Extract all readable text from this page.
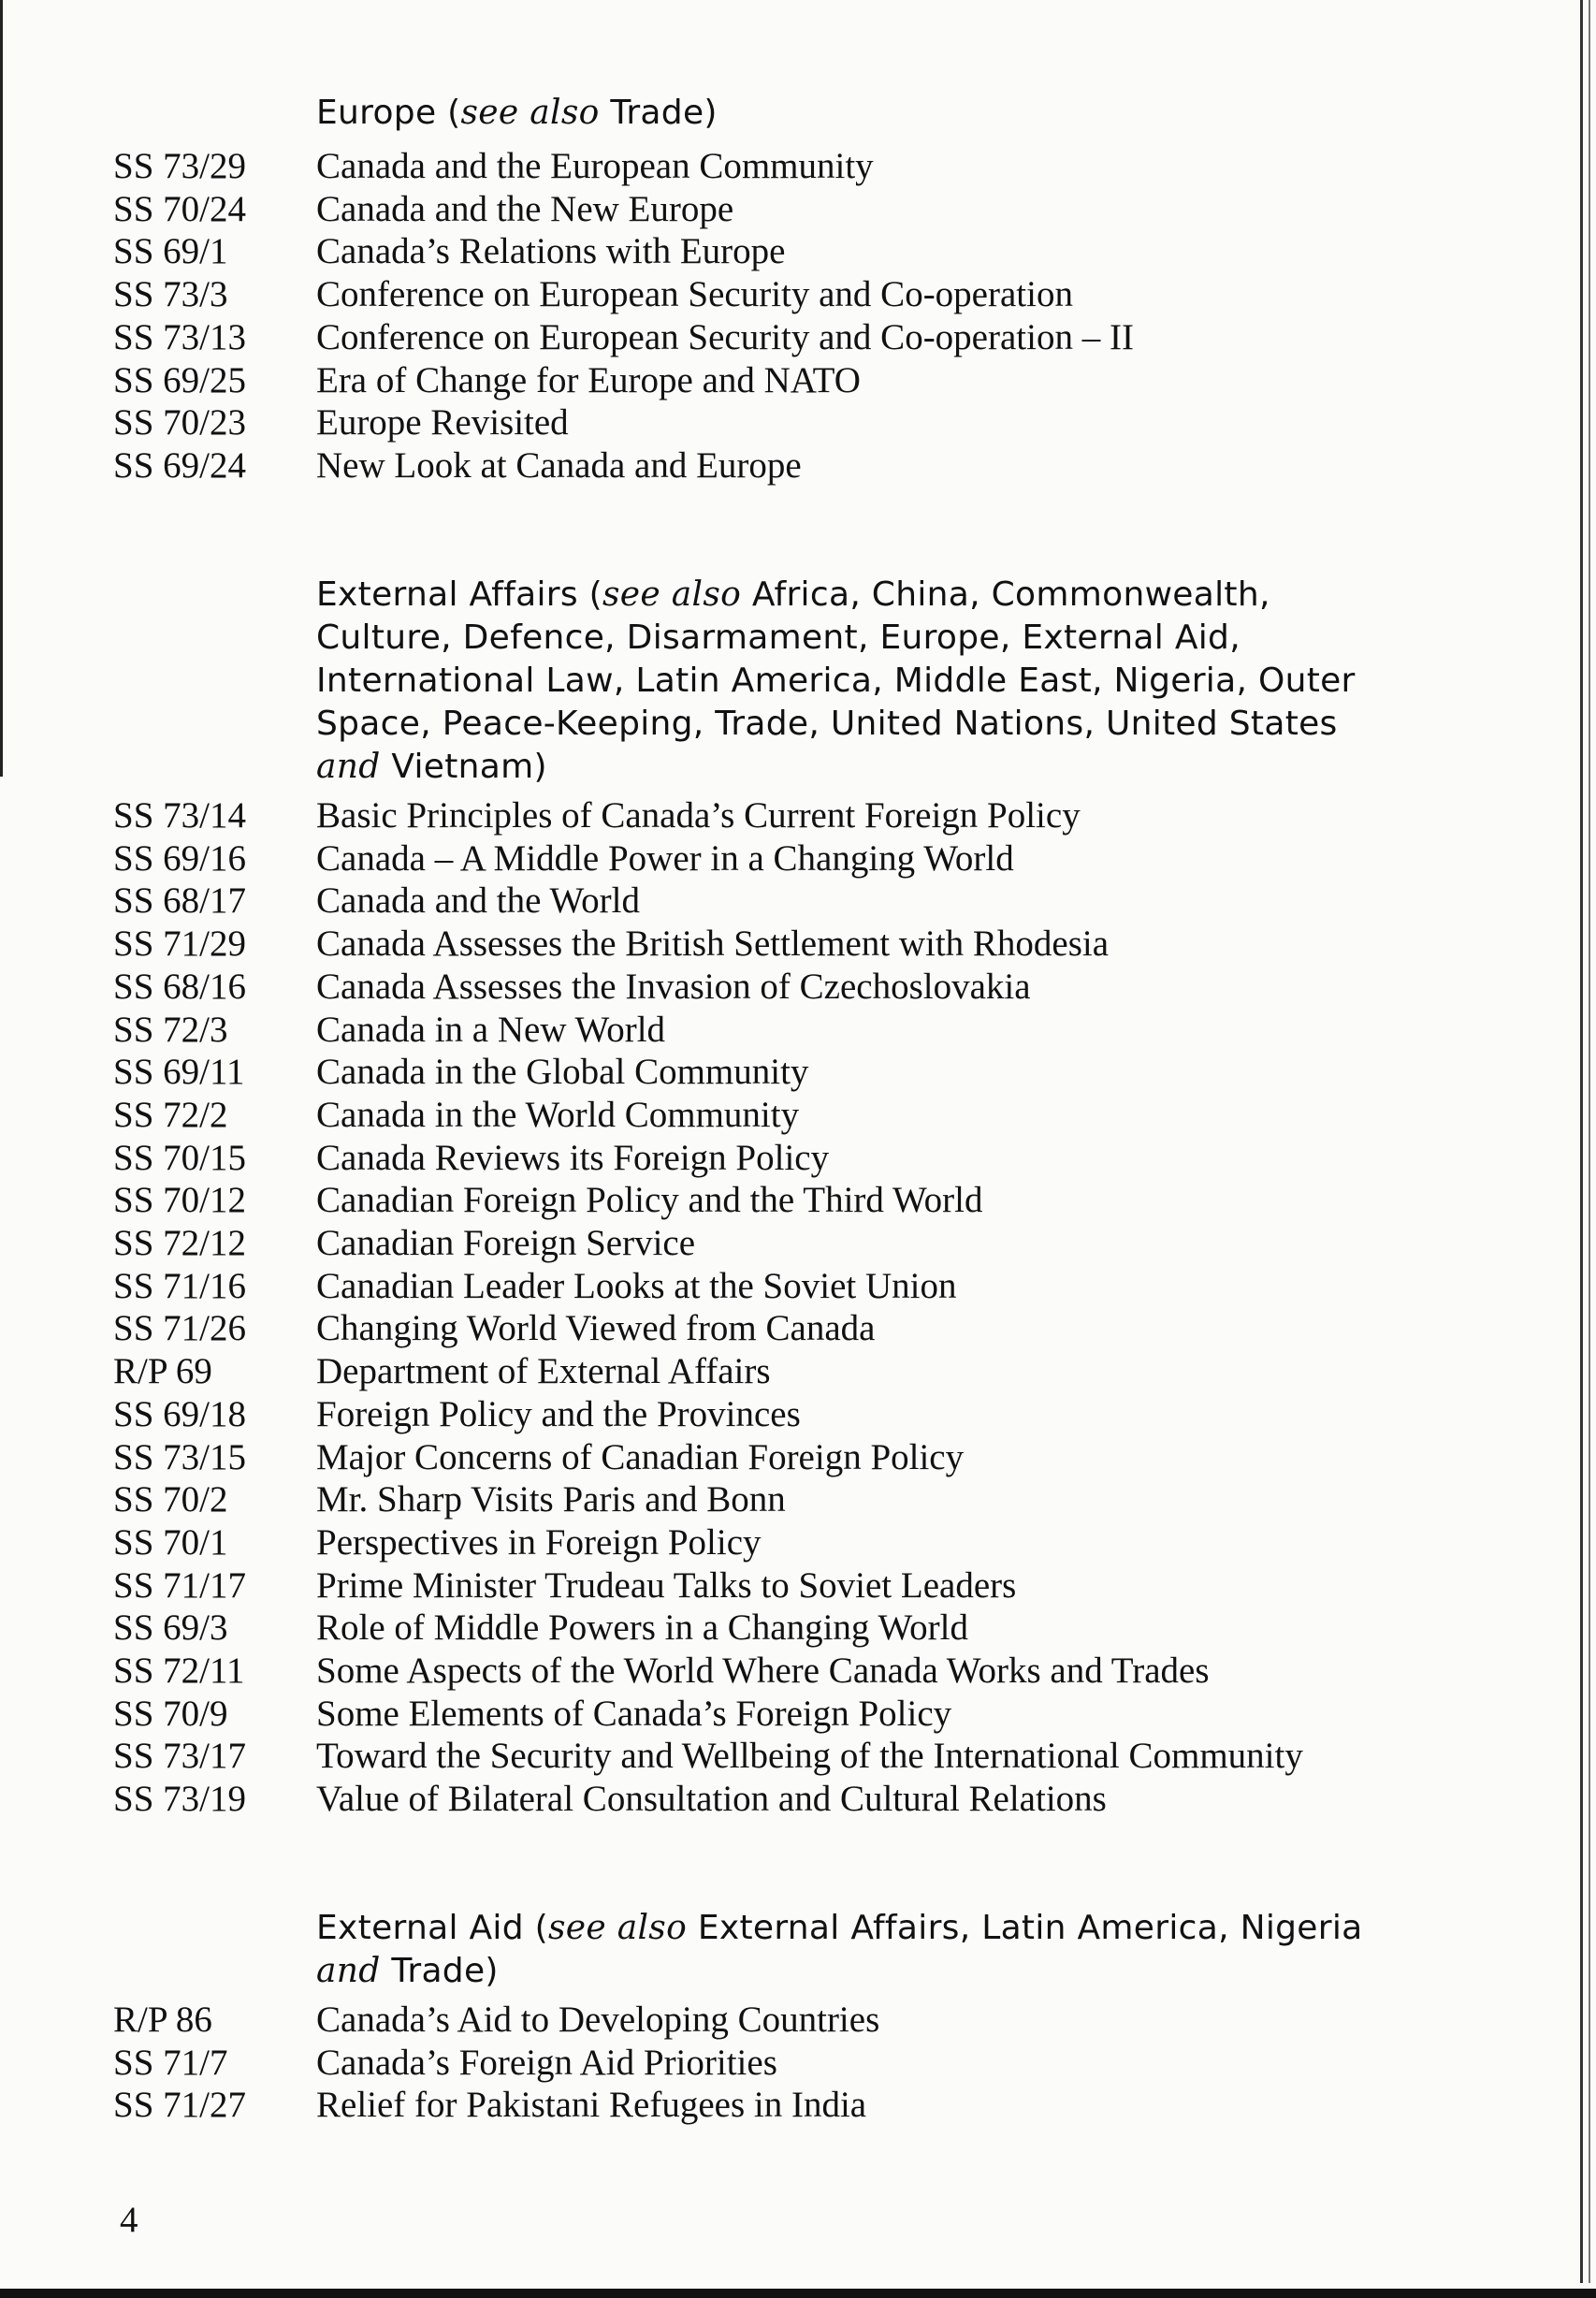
Europe (see also Trade)
SS 73/29	Canada and the European Community
SS 70/24	Canada and the New Europe
SS 69/1	Canada’s Relations with Europe
SS 73/3	Conference on European Security and Co-operation
SS 73/13	Conference on European Security and Co-operation – II
SS 69/25	Era of Change for Europe and NATO
SS 70/23	Europe Revisited
SS 69/24	New Look at Canada and Europe
External Affairs (see also Africa, China, Commonwealth, Culture, Defence, Disarmament, Europe, External Aid, International Law, Latin America, Middle East, Nigeria, Outer Space, Peace-Keeping, Trade, United Nations, United States and Vietnam)
SS 73/14	Basic Principles of Canada’s Current Foreign Policy
SS 69/16	Canada – A Middle Power in a Changing World
SS 68/17	Canada and the World
SS 71/29	Canada Assesses the British Settlement with Rhodesia
SS 68/16	Canada Assesses the Invasion of Czechoslovakia
SS 72/3	Canada in a New World
SS 69/11	Canada in the Global Community
SS 72/2	Canada in the World Community
SS 70/15	Canada Reviews its Foreign Policy
SS 70/12	Canadian Foreign Policy and the Third World
SS 72/12	Canadian Foreign Service
SS 71/16	Canadian Leader Looks at the Soviet Union
SS 71/26	Changing World Viewed from Canada
R/P 69	Department of External Affairs
SS 69/18	Foreign Policy and the Provinces
SS 73/15	Major Concerns of Canadian Foreign Policy
SS 70/2	Mr. Sharp Visits Paris and Bonn
SS 70/1	Perspectives in Foreign Policy
SS 71/17	Prime Minister Trudeau Talks to Soviet Leaders
SS 69/3	Role of Middle Powers in a Changing World
SS 72/11	Some Aspects of the World Where Canada Works and Trades
SS 70/9	Some Elements of Canada’s Foreign Policy
SS 73/17	Toward the Security and Wellbeing of the International Community
SS 73/19	Value of Bilateral Consultation and Cultural Relations
External Aid (see also External Affairs, Latin America, Nigeria and Trade)
R/P 86	Canada’s Aid to Developing Countries
SS 71/7	Canada’s Foreign Aid Priorities
SS 71/27	Relief for Pakistani Refugees in India
4
